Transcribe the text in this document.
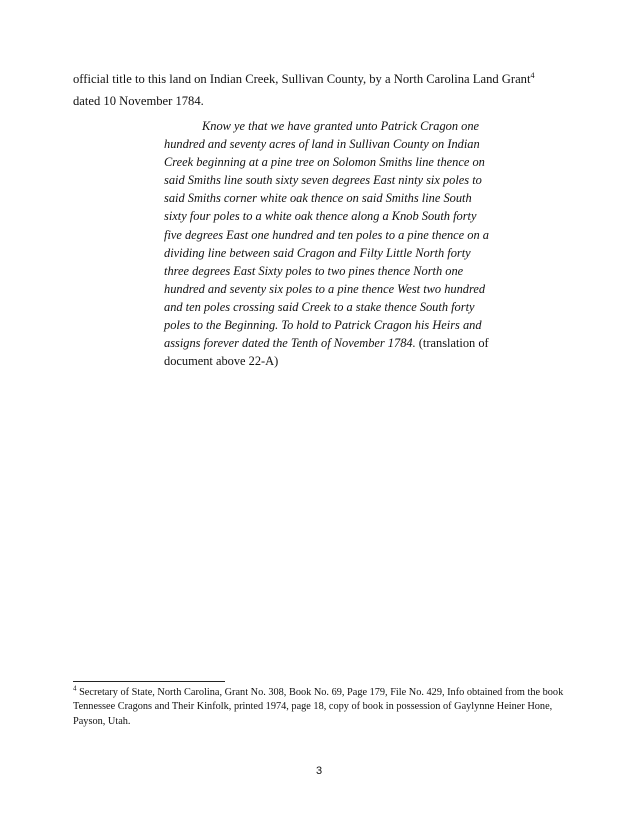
official title to this land on Indian Creek, Sullivan County, by a North Carolina Land Grant$^4$
dated 10 November 1784.

Know ye that we have granted unto Patrick Cragon one hundred and seventy acres of land in Sullivan County on Indian Creek beginning at a pine tree on Solomon Smiths line thence on said Smiths line south sixty seven degrees East ninty six poles to said Smiths corner white oak thence on said Smiths line South sixty four poles to a white oak thence along a Knob South forty five degrees East one hundred and ten poles to a pine thence on a dividing line between said Cragon and Filty Little North forty three degrees East Sixty poles to two pines thence North one hundred and seventy six poles to a pine thence West two hundred and ten poles crossing said Creek to a stake thence South forty poles to the Beginning. To hold to Patrick Cragon his Heirs and assigns forever dated the Tenth of November 1784. (translation of document above 22-A)

$^4$ Secretary of State, North Carolina, Grant No. 308, Book No. 69, Page 179, File No. 429, Info obtained from the book Tennessee Cragons and Their Kinfolk, printed 1974, page 18, copy of book in possession of Gaylynne Heiner Hone, Payson, Utah.

3
